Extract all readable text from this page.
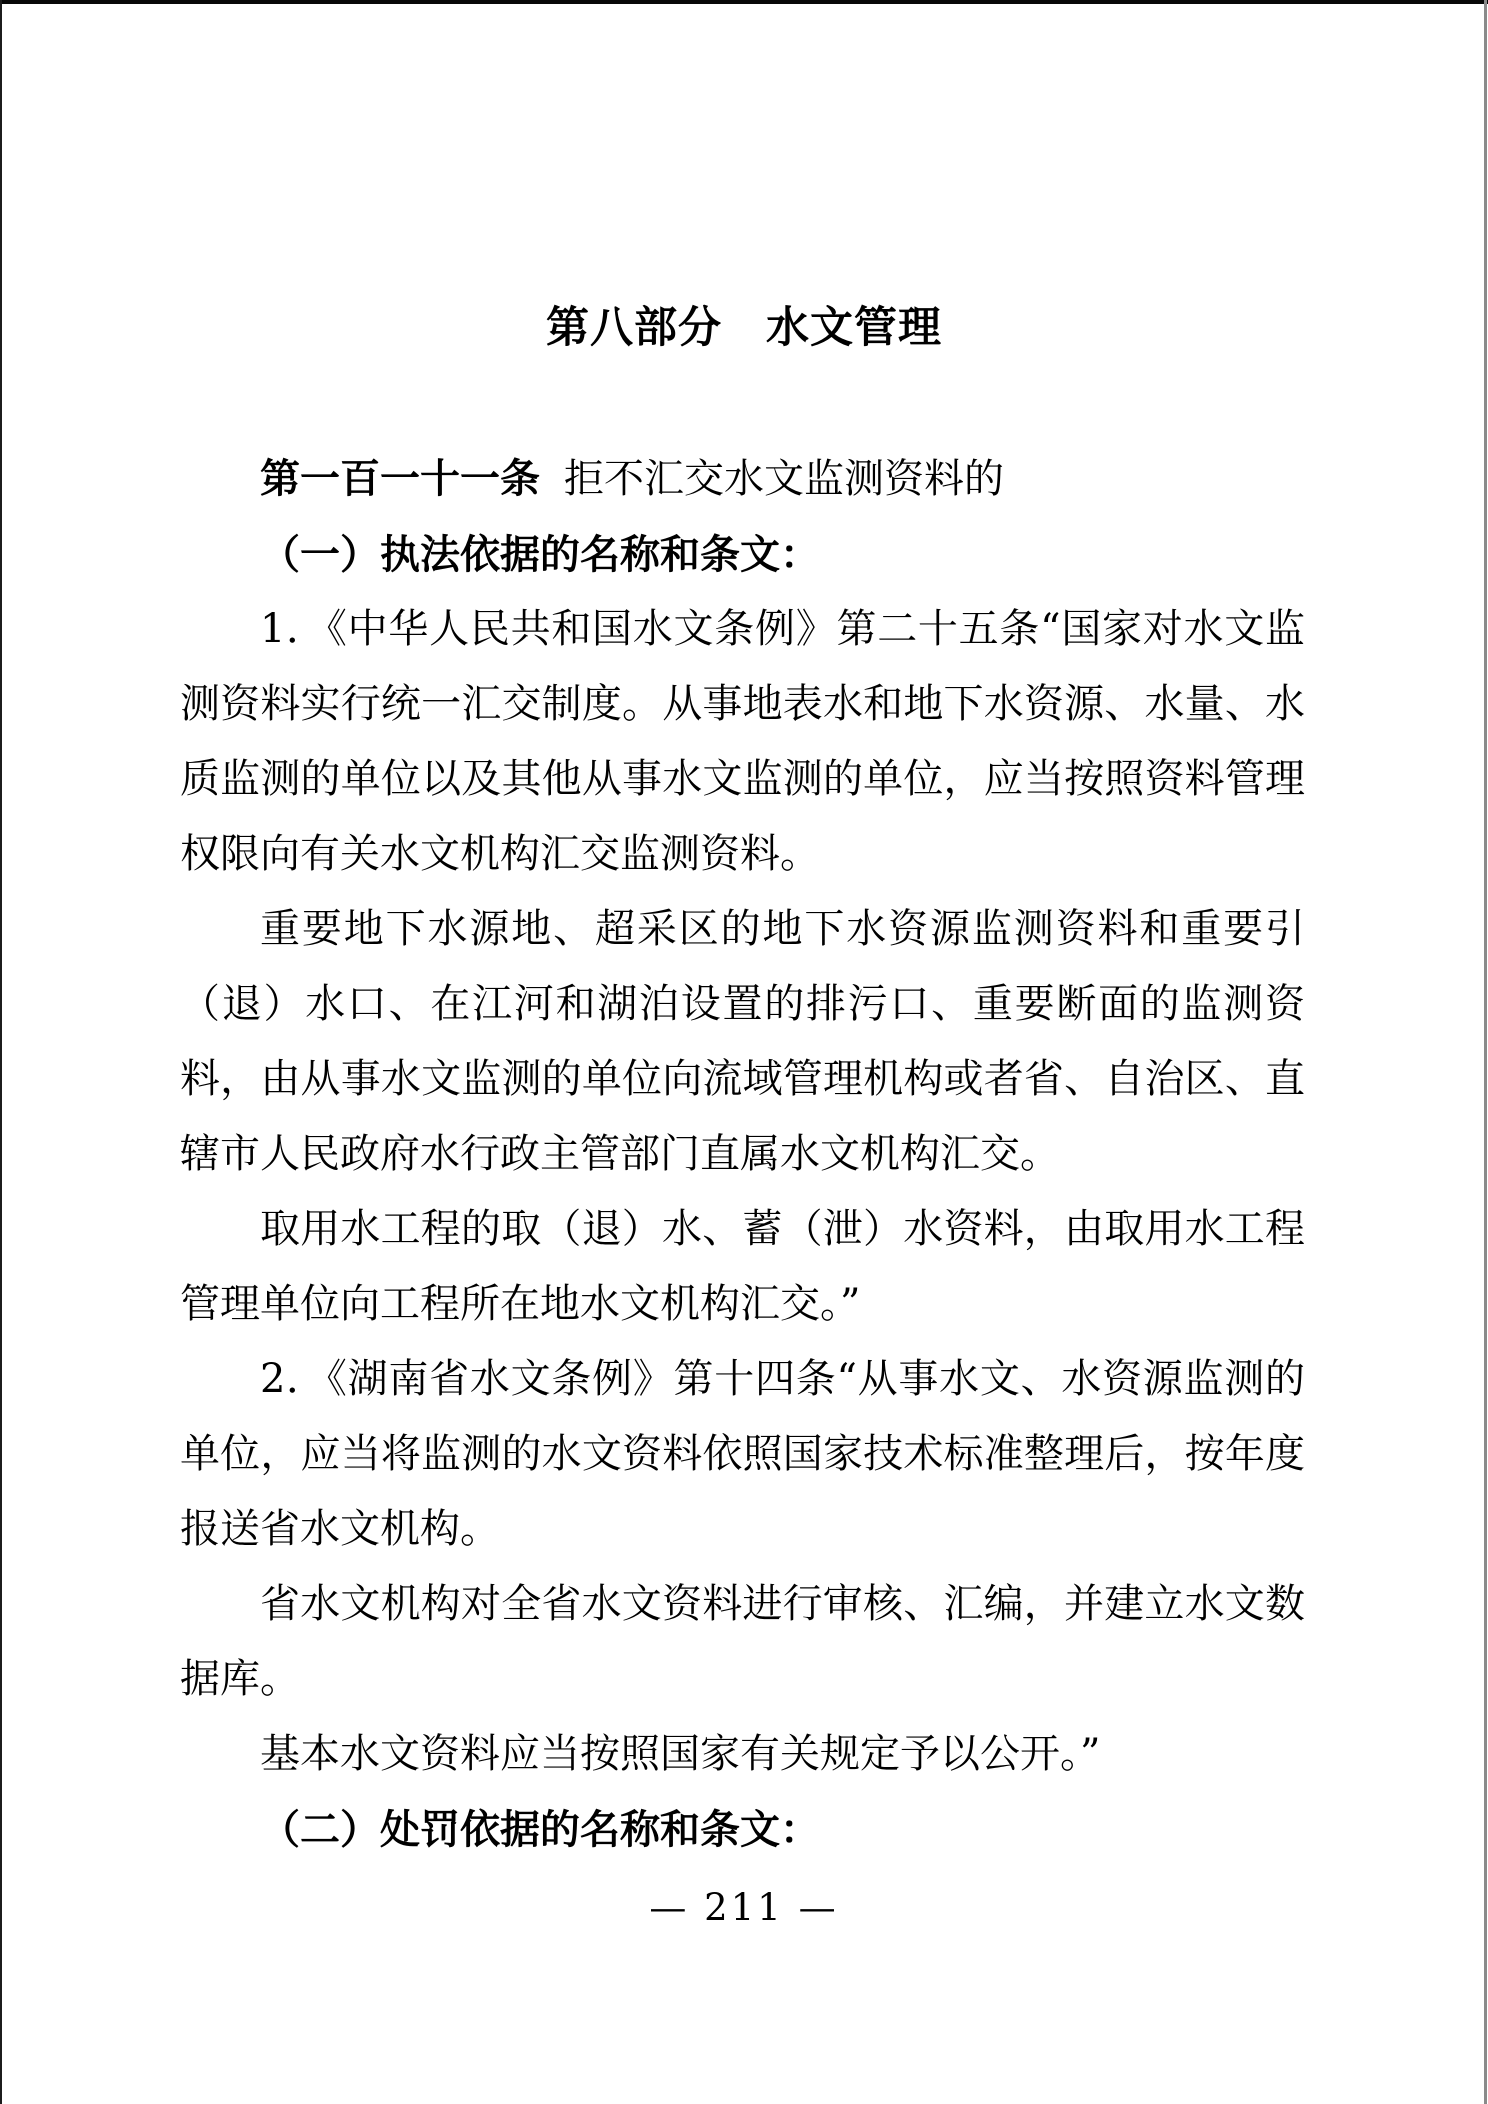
第八部分　水文管理

第一百一十一条 拒不汇交水文监测资料的

（一）执法依据的名称和条文：

1．《中华人民共和国水文条例》第二十五条“国家对水文监测资料实行统一汇交制度。从事地表水和地下水资源、水量、水质监测的单位以及其他从事水文监测的单位，应当按照资料管理权限向有关水文机构汇交监测资料。

重要地下水源地、超采区的地下水资源监测资料和重要引（退）水口、在江河和湖泊设置的排污口、重要断面的监测资料，由从事水文监测的单位向流域管理机构或者省、自治区、直辖市人民政府水行政主管部门直属水文机构汇交。

取用水工程的取（退）水、蓄（泄）水资料，由取用水工程管理单位向工程所在地水文机构汇交。”

2．《湖南省水文条例》第十四条“从事水文、水资源监测的单位，应当将监测的水文资料依照国家技术标准整理后，按年度报送省水文机构。

省水文机构对全省水文资料进行审核、汇编，并建立水文数据库。

基本水文资料应当按照国家有关规定予以公开。”

（二）处罚依据的名称和条文：

— 211 —
